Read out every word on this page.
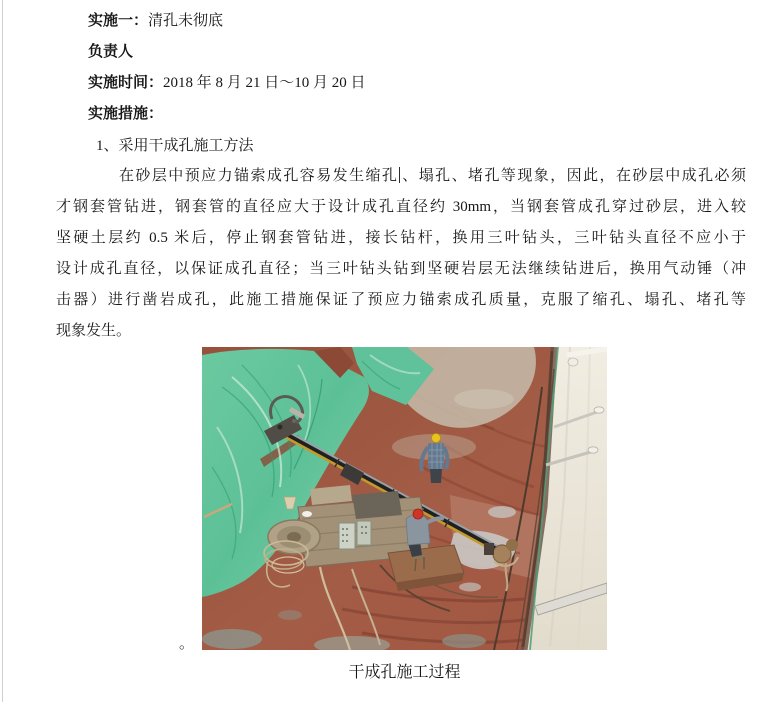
实施一：清孔未彻底
负责人
实施时间：2018 年 8 月 21 日～10 月 20 日
实施措施：
1、采用干成孔施工方法
在砂层中预应力锚索成孔容易发生缩孔 、塌孔、堵孔等现象，因此，在砂层中成孔必须
才钢套管钻进，钢套管的直径应大于设计成孔直径约 30mm，当钢套管成孔穿过砂层，进入较
坚硬土层约 0.5 米后，停止钢套管钻进，接长钻杆，换用三叶钻头，三叶钻头直径不应小于
设计成孔直径，以保证成孔直径；当三叶钻头钻到坚硬岩层无法继续钻进后，换用气动锤（冲
击器）进行凿岩成孔，此施工措施保证了预应力锚索成孔质量，克服了缩孔、塌孔、堵孔等
现象发生。
。
干成孔施工过程
